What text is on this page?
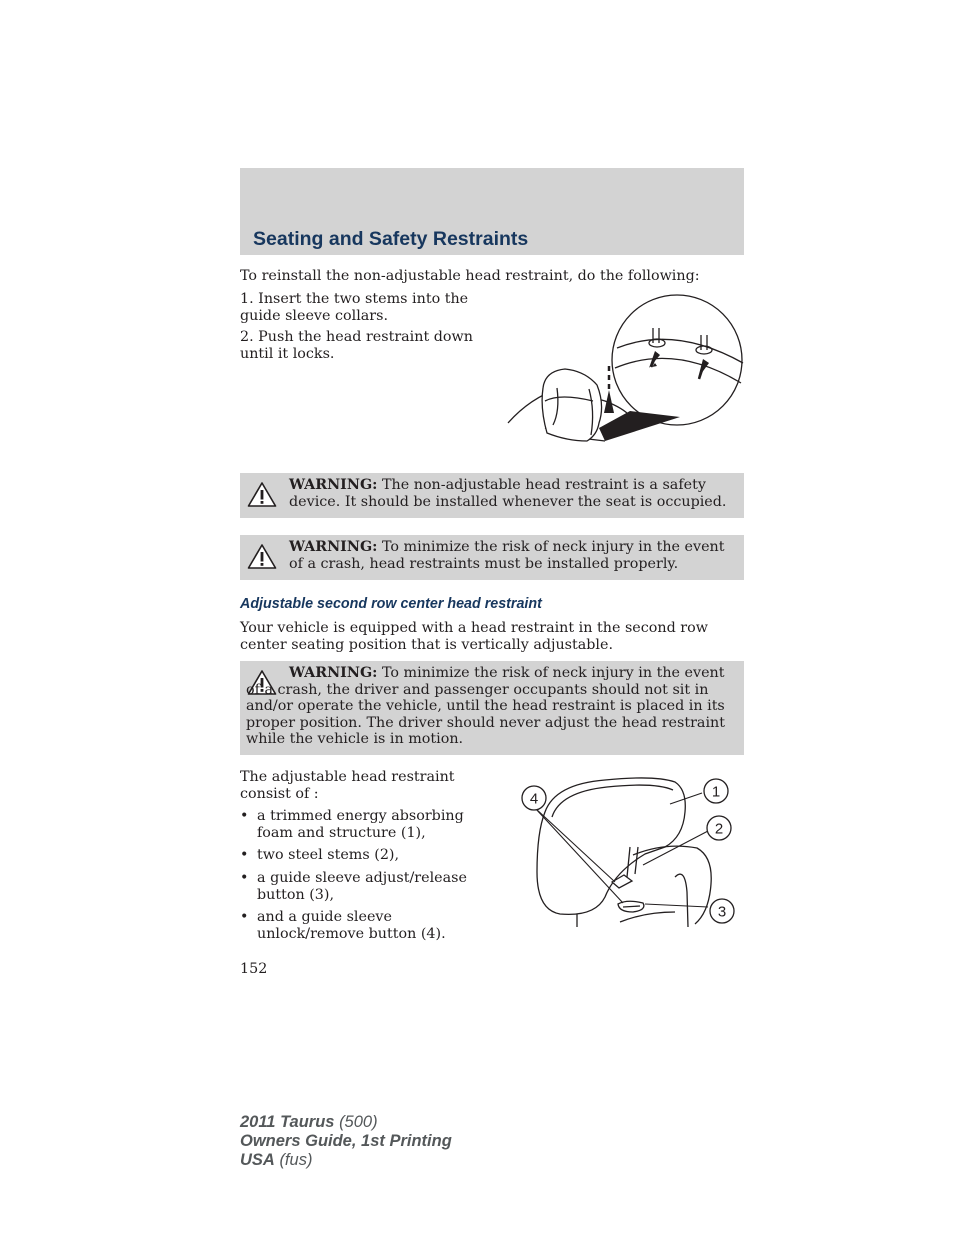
Seating and Safety Restraints
To reinstall the non-adjustable head restraint, do the following:
1. Insert the two stems into the guide sleeve collars.
2. Push the head restraint down until it locks.
WARNING: The non-adjustable head restraint is a safety device. It should be installed whenever the seat is occupied.
WARNING: To minimize the risk of neck injury in the event of a crash, head restraints must be installed properly.
Adjustable second row center head restraint
Your vehicle is equipped with a head restraint in the second row center seating position that is vertically adjustable.
WARNING: To minimize the risk of neck injury in the event of a crash, the driver and passenger occupants should not sit in and/or operate the vehicle, until the head restraint is placed in its proper position. The driver should never adjust the head restraint while the vehicle is in motion.
The adjustable head restraint consist of :
• a trimmed energy absorbing foam and structure (1),
• two steel stems (2),
• a guide sleeve adjust/release button (3),
• and a guide sleeve unlock/remove button (4).
4	1
2
3
152
2011 Taurus (500)
Owners Guide, 1st Printing
USA (fus)
